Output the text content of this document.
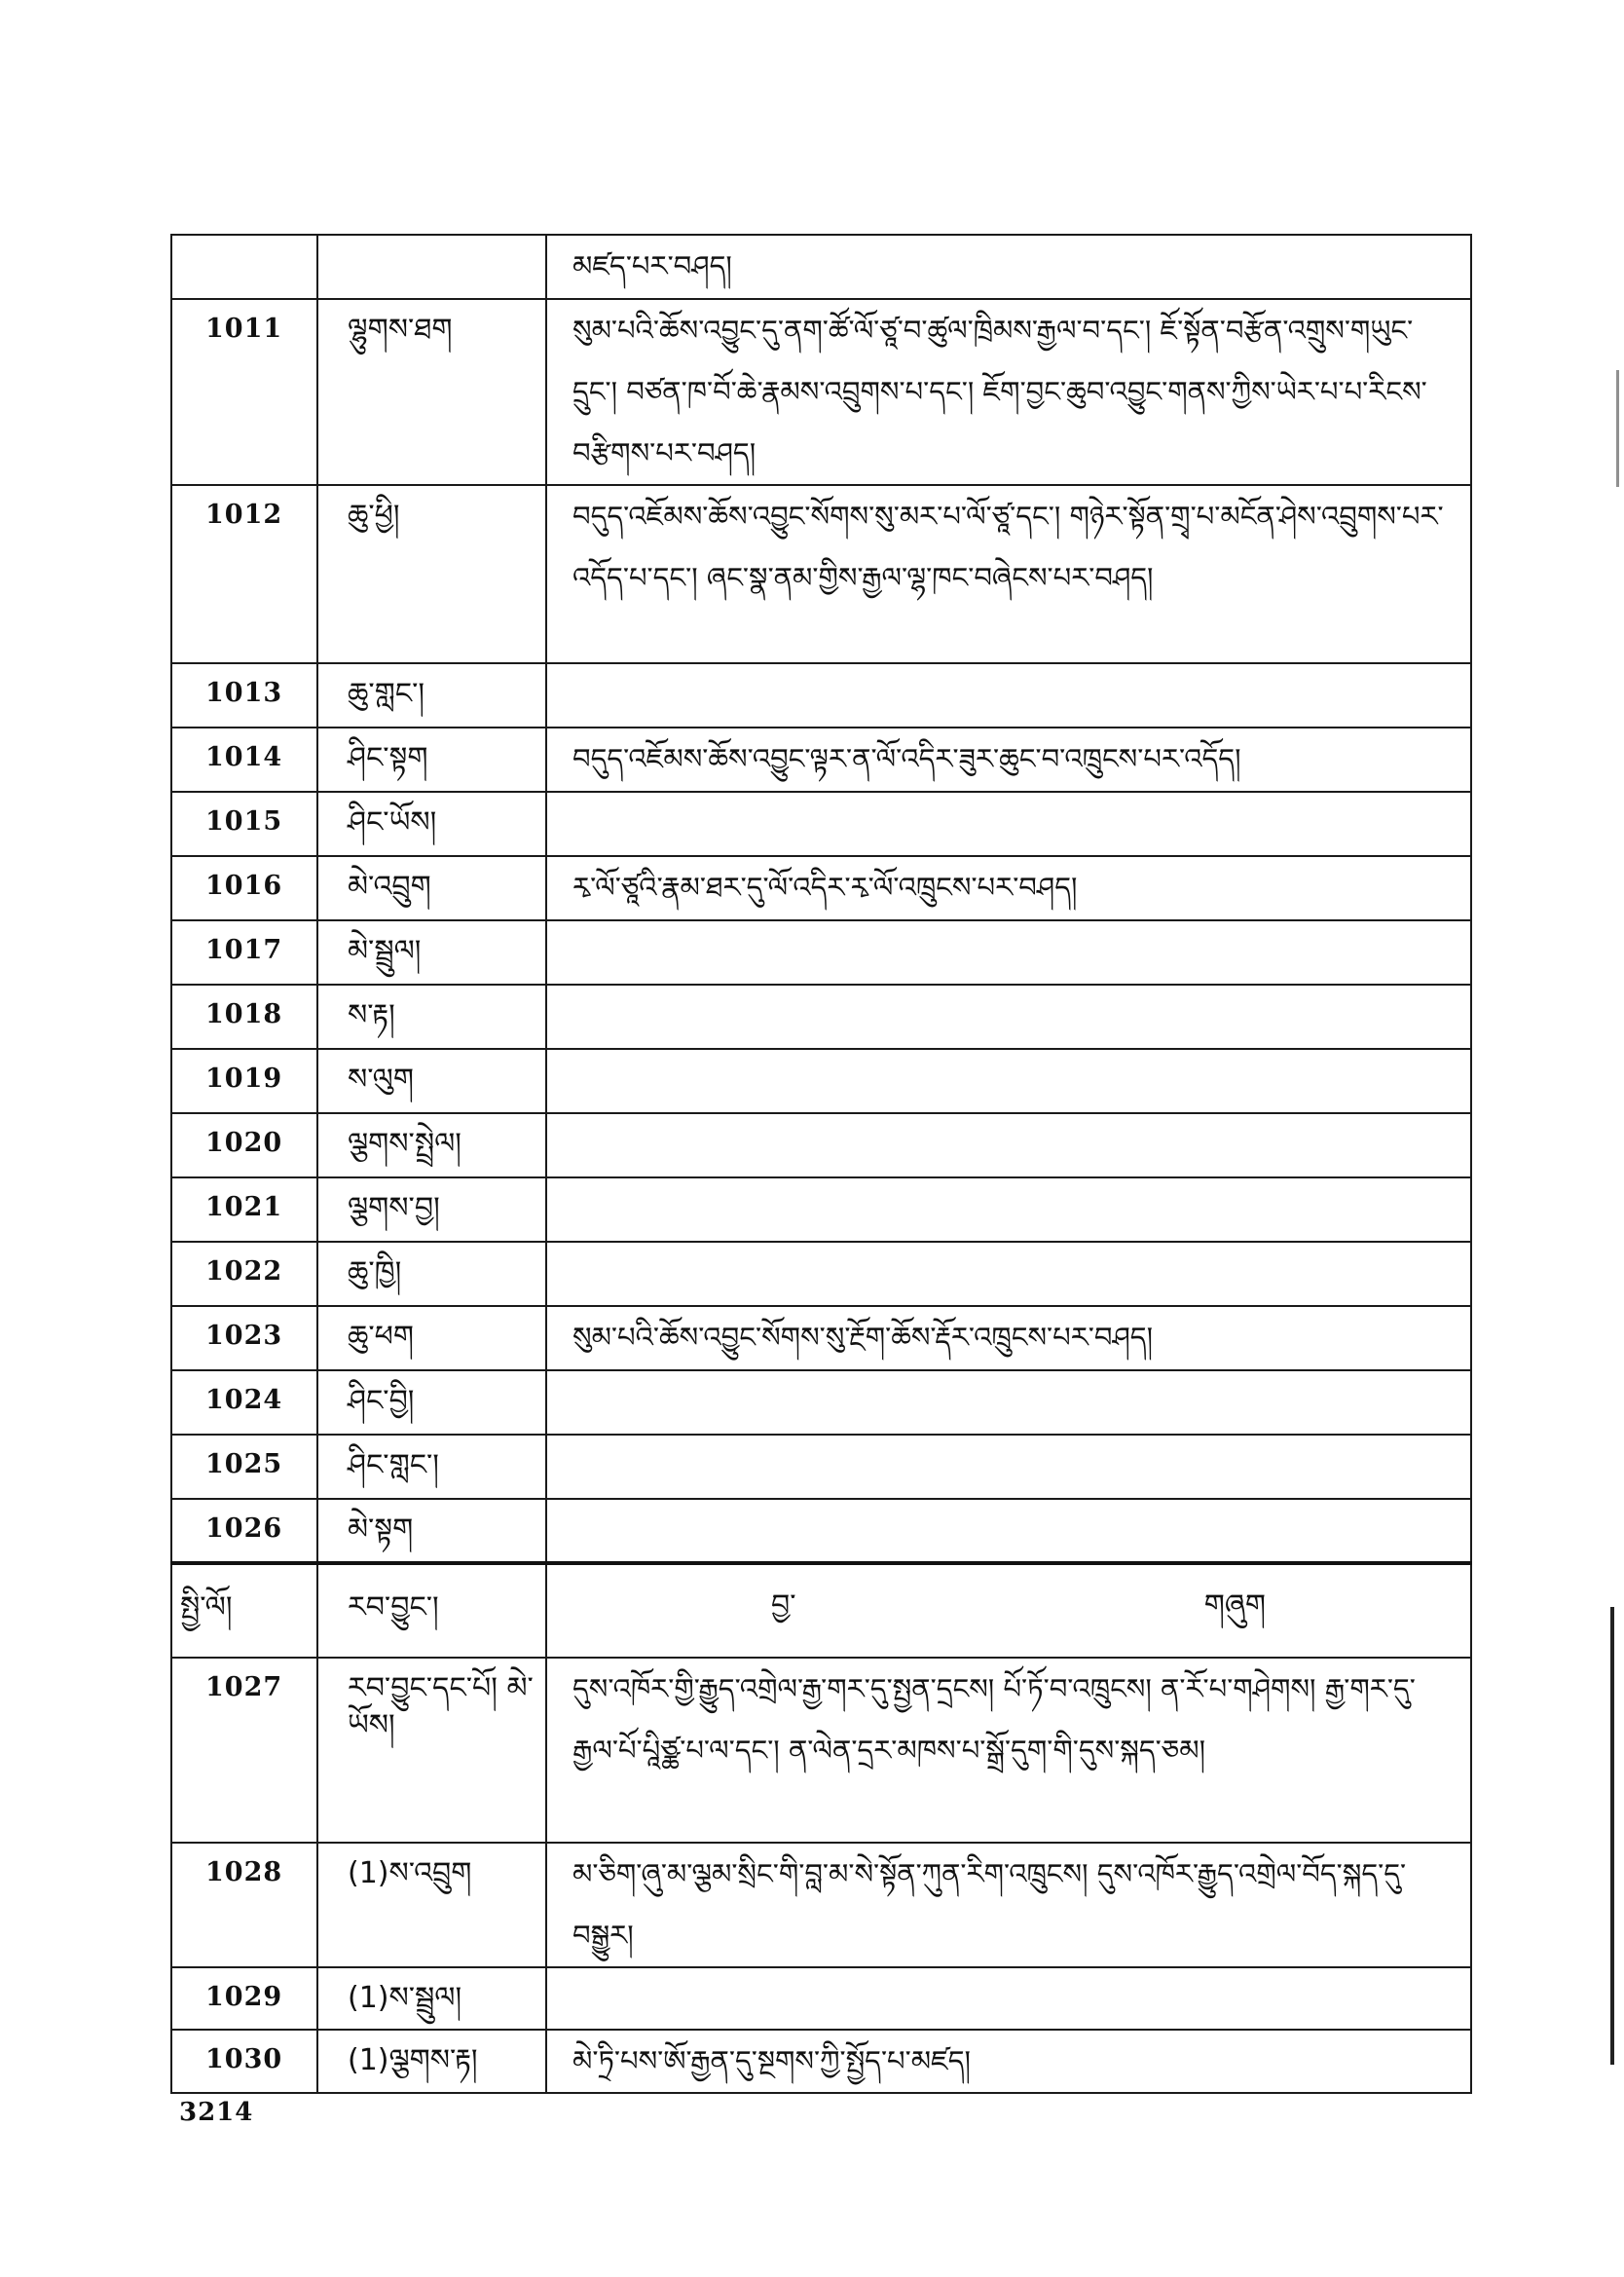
		མཛད་པར་བཤད།

1011	ལྷུགས་ཐག	སུམ་པའི་ཆོས་འབྱུང་དུ་ནག་ཚོ་ལོ་ཙཱ་བ་ཚུལ་ཁྲིམས་རྒྱལ་བ་དང་། ཇོ་སྟོན་བརྩོན་འགྲུས་གཡུང་དྲུང་། བཙན་ཁ་བོ་ཆེ་རྣམས་འབྲུགས་པ་དང་། ཇོག་བྱང་ཆུབ་འབྱུང་གནས་ཀྱིས་ཡེར་པ་པ་རིངས་བརྩིགས་པར་བཤད།

1012	ཆུ་ཕྱི།	བདུད་འཇོམས་ཆོས་འབྱུང་སོགས་སུ་མར་པ་ལོ་ཙཱ་དང་། གཉེར་སྟོན་གྲྭ་པ་མངོན་ཤེས་འབྲུགས་པར་འདོད་པ་དང་། ཞང་སྣ་ནམ་གྱིས་རྒྱལ་ལྷ་ཁང་བཞེངས་པར་བཤད།

1013	ཆུ་གླང་།	

1014	ཤིང་སྟག	བདུད་འཇོམས་ཆོས་འབྱུང་ལྟར་ན་ལོ་འདིར་ཟུར་ཆུང་བ་འཁྲུངས་པར་འདོད།

1015	ཤིང་ཡོས།	

1016	མེ་འབྲུག	རྭ་ལོ་ཙཱའི་རྣམ་ཐར་དུ་ལོ་འདིར་རྭ་ལོ་འཁྲུངས་པར་བཤད།

1017	མེ་སྦྲུལ།	

1018	ས་རྟ།	

1019	ས་ལུག	

1020	ལྕགས་སྤྲེལ།	

1021	ལྕགས་བྱ།	

1022	ཆུ་ཁྱི།	

1023	ཆུ་ཕག	སུམ་པའི་ཆོས་འབྱུང་སོགས་སུ་རྔོག་ཆོས་རྡོར་འཁྲུངས་པར་བཤད།

1024	ཤིང་བྱི།	

1025	ཤིང་གླང་།	

1026	མེ་སྟག	

སྤྱི་ལོ།	རབ་བྱུང་།	བྱ་ གཞུག

1027	རབ་བྱུང་དང་པོ། མེ་ཡོས།	དུས་འཁོར་གྱི་རྒྱུད་འགྲེལ་རྒྱ་གར་དུ་སྤྱན་དྲངས། པོ་ཏོ་བ་འཁྲུངས། ན་རོ་པ་གཤེགས། རྒྱ་གར་དུ་རྒྱལ་པོ་པཱིཙྪ་པ་ལ་དང་། ན་ལེན་དྲར་མཁས་པ་སྒྲོ་དུག་གི་དུས་སྐད་ཅམ།

1028	(1)ས་འབྲུག	མ་ཅིག་ཞུ་མ་ལྕམ་སྲིང་གི་བླ་མ་སེ་སྟོན་ཀུན་རིག་འཁྲུངས། དུས་འཁོར་རྒྱུད་འགྲེལ་བོད་སྐད་དུ་བསྒྱུར།

1029	(1)ས་སྦྲུལ།	

1030	(1)ལྕགས་རྟ།	མེ་ཏྲི་པས་ཨོ་རྒྱན་དུ་སྔགས་ཀྱི་སྤྱོད་པ་མཛད།
3214
